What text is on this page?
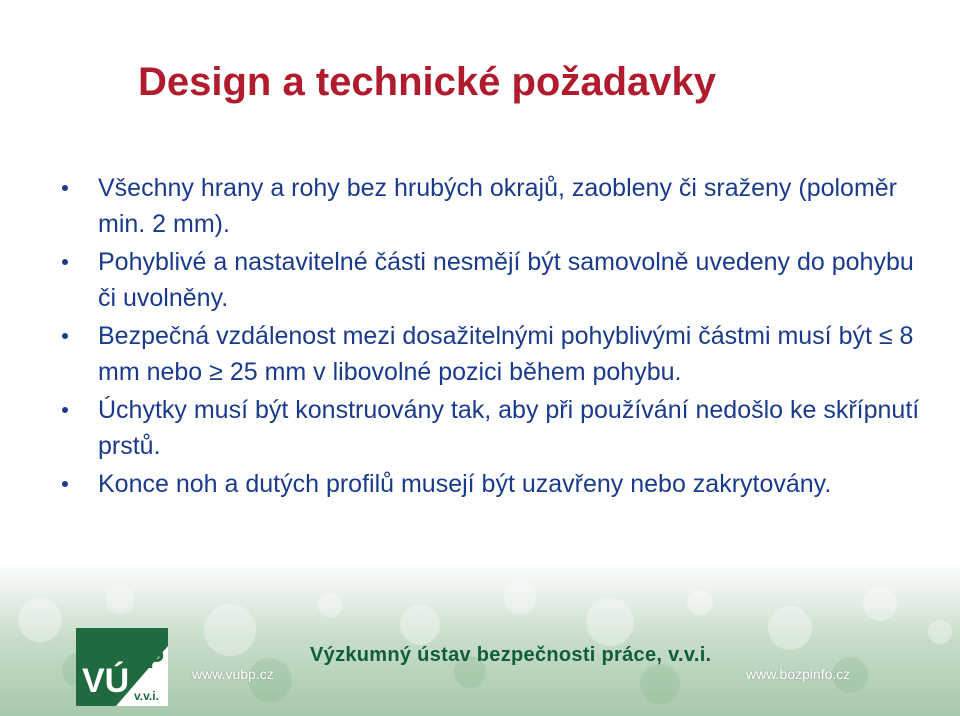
Design a technické požadavky
Všechny hrany a rohy bez hrubých okrajů, zaobleny či sraženy (poloměr min. 2 mm).
Pohyblivé a nastavitelné části nesmějí být samovolně uvedeny do pohybu či uvolněny.
Bezpečná vzdálenost mezi dosažitelnými pohyblivými částmi musí být ≤ 8 mm nebo ≥ 25 mm v libovolné pozici během pohybu.
Úchytky musí být konstruovány tak, aby při používání nedošlo ke skřípnutí prstů.
Konce noh a dutých profilů musejí být uzavřeny nebo zakrytovány.
VÚ
BP
v.v.i.
Výzkumný ústav bezpečnosti práce, v.v.i.
www.vubp.cz	www.bozpinfo.cz
